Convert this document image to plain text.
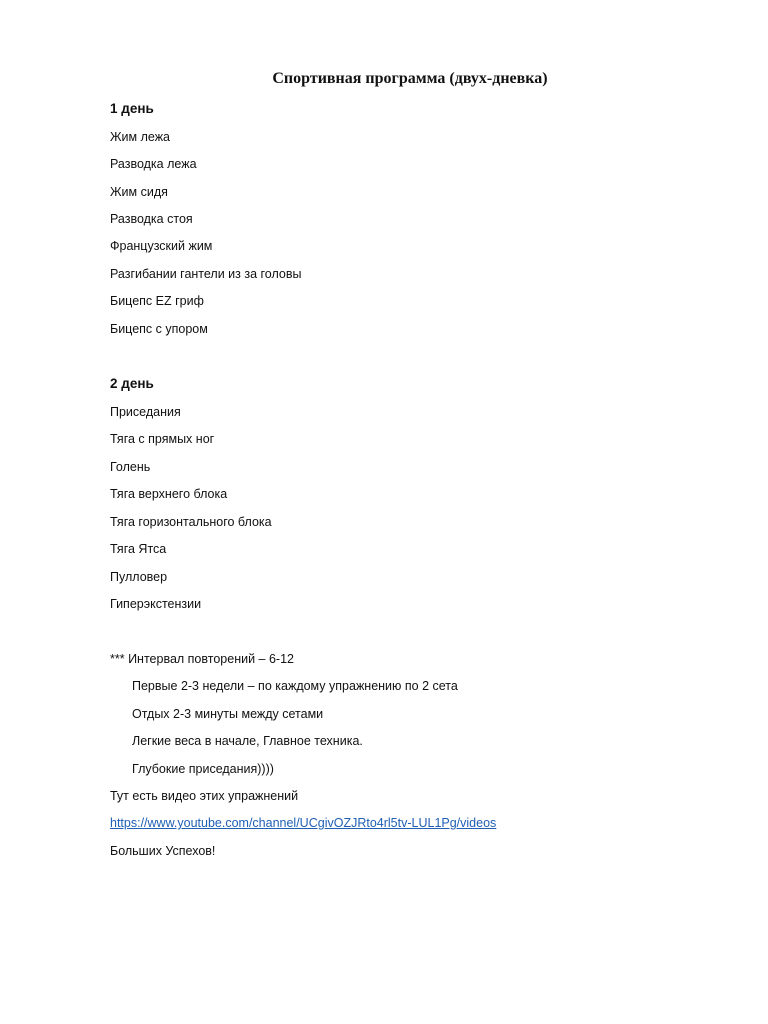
Спортивная программа (двух-дневка)
1 день
Жим лежа
Разводка лежа
Жим сидя
Разводка стоя
Французский жим
Разгибании гантели из за головы
Бицепс EZ гриф
Бицепс с упором
2 день
Приседания
Тяга с прямых ног
Голень
Тяга верхнего блока
Тяга горизонтального блока
Тяга Ятса
Пулловер
Гиперэкстензии
*** Интервал повторений – 6-12
Первые 2-3 недели – по каждому упражнению по 2 сета
Отдых 2-3 минуты между сетами
Легкие веса в начале, Главное техника.
Глубокие приседания))))
Тут есть видео этих упражнений
https://www.youtube.com/channel/UCgivOZJRto4rl5tv-LUL1Pg/videos
Больших Успехов!
